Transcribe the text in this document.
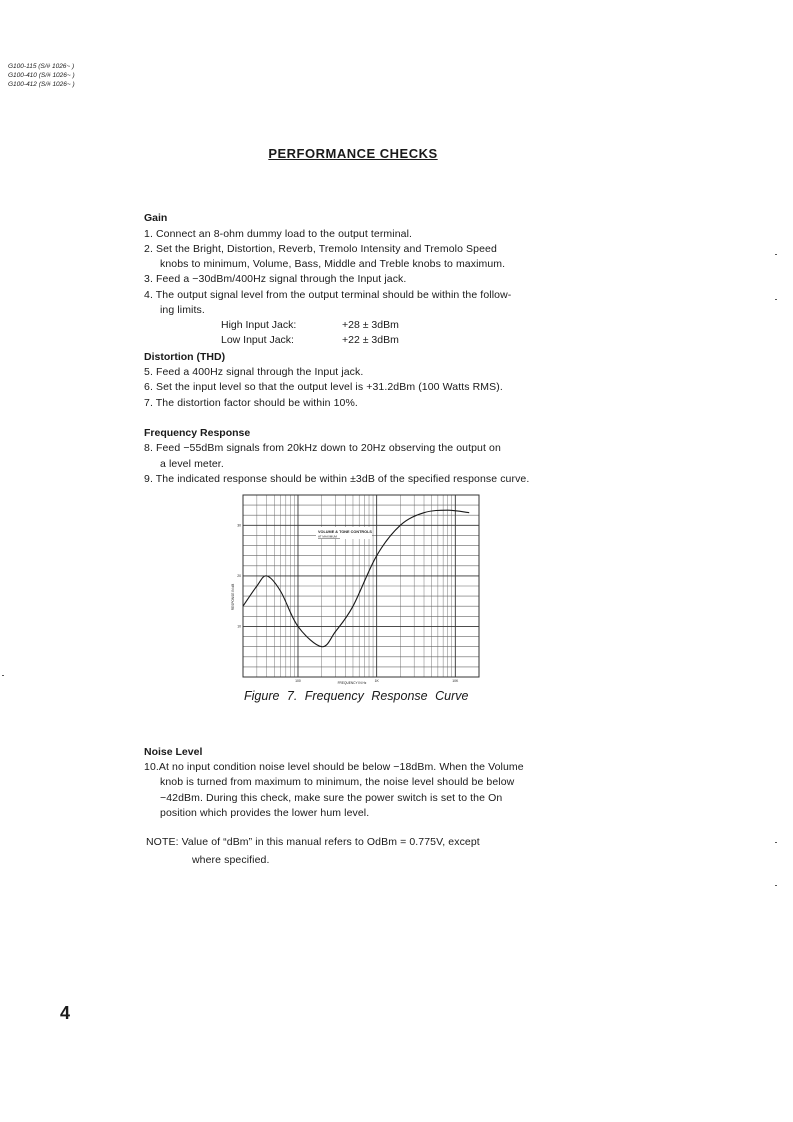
G100-115 (S/# 1026~ )
G100-410 (S/# 1026~ )
G100-412 (S/# 1026~ )
PERFORMANCE CHECKS
Gain
1. Connect an 8-ohm dummy load to the output terminal.
2. Set the Bright, Distortion, Reverb, Tremolo Intensity and Tremolo Speed
knobs to minimum, Volume, Bass, Middle and Treble knobs to maximum.
3. Feed a −30dBm/400Hz signal through the Input jack.
4. The output signal level from the output terminal should be within the follow-
ing limits.
High Input Jack:	+28 ± 3dBm
Low Input Jack:	+22 ± 3dBm
Distortion (THD)
5. Feed a 400Hz signal through the Input jack.
6. Set the input level so that the output level is +31.2dBm (100 Watts RMS).
7. The distortion factor should be within 10%.
Frequency Response
8. Feed −55dBm signals from 20kHz down to 20Hz observing the output on
a level meter.
9. The indicated response should be within ±3dB of the specified response curve.
VOLUME & TONE CONTROLS
AT MAXIMUM
100	1K	10K
30
20
10
FREQUENCY IN Hz
RESPONSE IN dB
Figure 7. Frequency Response Curve
Noise Level
10.At no input condition noise level should be below −18dBm. When the Volume
knob is turned from maximum to minimum, the noise level should be below
−42dBm. During this check, make sure the power switch is set to the On
position which provides the lower hum level.
NOTE: Value of “dBm” in this manual refers to OdBm = 0.775V, except
where specified.
4
